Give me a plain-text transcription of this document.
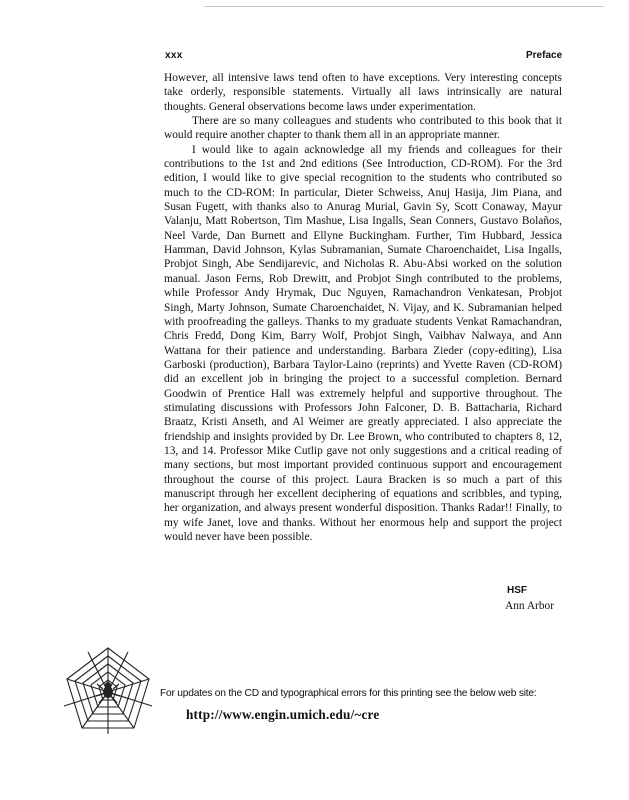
xxx	Preface

However, all intensive laws tend often to have exceptions. Very interesting concepts take orderly, responsible statements. Virtually all laws intrinsically are natural thoughts. General observations become laws under experimentation.

There are so many colleagues and students who contributed to this book that it would require another chapter to thank them all in an appropriate manner.

I would like to again acknowledge all my friends and colleagues for their contributions to the 1st and 2nd editions (See Introduction, CD-ROM). For the 3rd edition, I would like to give special recognition to the students who contributed so much to the CD-ROM: In particular, Dieter Schweiss, Anuj Hasija, Jim Piana, and Susan Fugett, with thanks also to Anurag Murial, Gavin Sy, Scott Conaway, Mayur Valanju, Matt Robertson, Tim Mashue, Lisa Ingalls, Sean Conners, Gustavo Bolaños, Neel Varde, Dan Burnett and Ellyne Buckingham. Further, Tim Hubbard, Jessica Hamman, David Johnson, Kylas Subramanian, Sumate Charoenchaidet, Lisa Ingalls, Probjot Singh, Abe Sendijarevic, and Nicholas R. Abu-Absi worked on the solution manual. Jason Ferns, Rob Drewitt, and Probjot Singh contributed to the problems, while Professor Andy Hrymak, Duc Nguyen, Ramachandron Venkatesan, Probjot Singh, Marty Johnson, Sumate Charoenchaidet, N. Vijay, and K. Subramanian helped with proofreading the galleys. Thanks to my graduate students Venkat Ramachandran, Chris Fredd, Dong Kim, Barry Wolf, Probjot Singh, Vaibhav Nalwaya, and Ann Wattana for their patience and understanding. Barbara Zieder (copy-editing), Lisa Garboski (production), Barbara Taylor-Laino (reprints) and Yvette Raven (CD-ROM) did an excellent job in bringing the project to a successful completion. Bernard Goodwin of Prentice Hall was extremely helpful and supportive throughout. The stimulating discussions with Professors John Falconer, D. B. Battacharia, Richard Braatz, Kristi Anseth, and Al Weimer are greatly appreciated. I also appreciate the friendship and insights provided by Dr. Lee Brown, who contributed to chapters 8, 12, 13, and 14. Professor Mike Cutlip gave not only suggestions and a critical reading of many sections, but most important provided continuous support and encouragement throughout the course of this project. Laura Bracken is so much a part of this manuscript through her excellent deciphering of equations and scribbles, and typing, her organization, and always present wonderful disposition. Thanks Radar!! Finally, to my wife Janet, love and thanks. Without her enormous help and support the project would never have been possible.

HSF
Ann Arbor
For updates on the CD and typographical errors for this printing see the below web site:
http://www.engin.umich.edu/~cre
